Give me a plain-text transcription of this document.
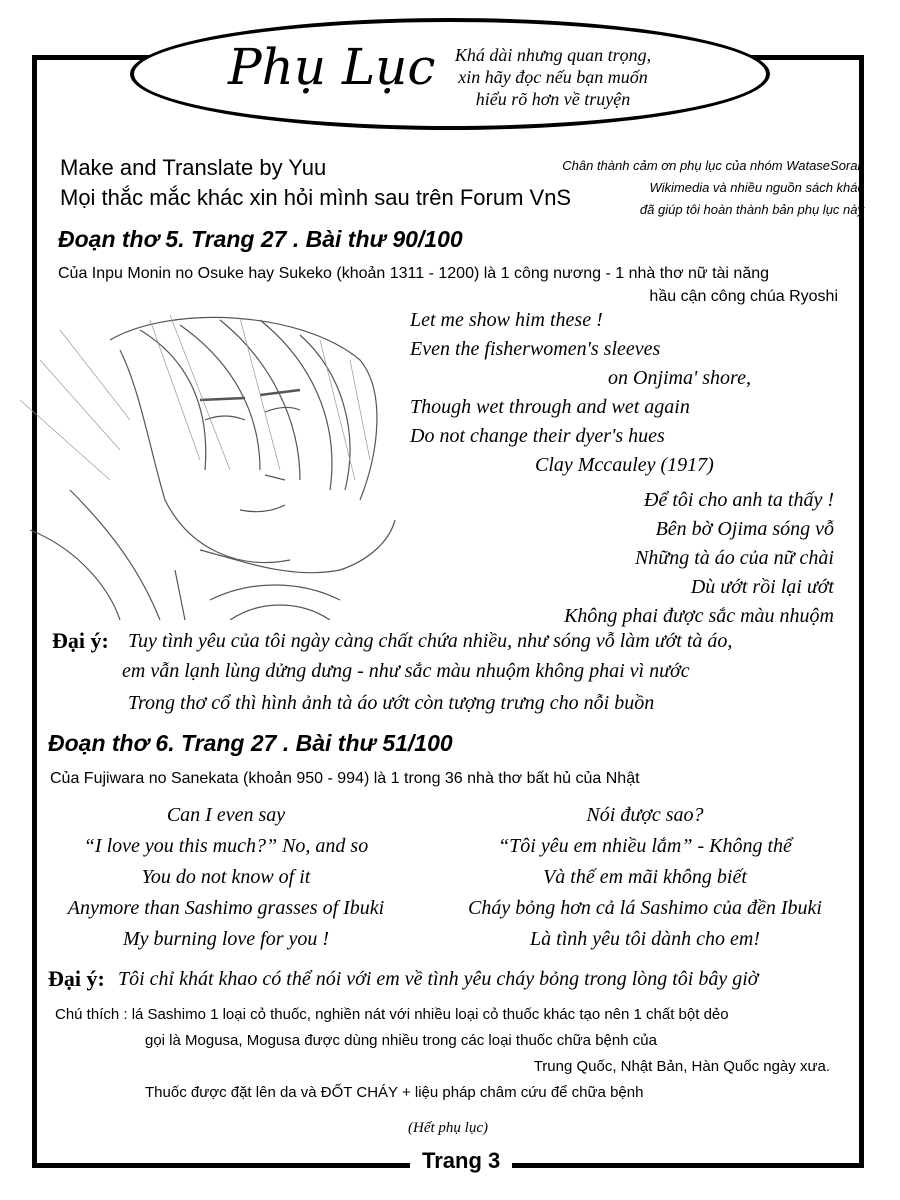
Phụ Lục	Khá dài nhưng quan trọng,
xin hãy đọc nếu bạn muốn
hiểu rõ hơn về truyện
Make and Translate by Yuu
Mọi thắc mắc khác xin hỏi mình sau trên Forum VnS
Chân thành cảm ơn phụ lục của nhóm WataseSorai,
Wikimedia và nhiều nguồn sách khác
đã giúp tôi hoàn thành bản phụ lục này
Đoạn thơ 5. Trang 27 . Bài thư 90/100
Của Inpu Monin no Osuke hay Sukeko (khoản 1311 - 1200) là 1 công nương - 1 nhà thơ nữ tài năng
hầu cận công chúa Ryoshi
Let me show him these !
Even the fisherwomen's sleeves
on Onjima' shore,
Though wet through and wet again
Do not change their dyer's hues
Clay Mccauley (1917)
Để tôi cho anh ta thấy !
Bên bờ Ojima sóng vỗ
Những tà áo của nữ chài
Dù ướt rồi lại ướt
Không phai được sắc màu nhuộm
Đại ý: Tuy tình yêu của tôi ngày càng chất chứa nhiều, như sóng vỗ làm ướt tà áo,
em vẫn lạnh lùng dửng dưng - như sắc màu nhuộm không phai vì nước
Trong thơ cổ thì hình ảnh tà áo ướt còn tượng trưng cho nỗi buồn
Đoạn thơ 6. Trang 27 . Bài thư 51/100
Của Fujiwara no Sanekata (khoản 950 - 994) là 1 trong 36 nhà thơ bất hủ của Nhật
Can I even say
“I love you this much?” No, and so
You do not know of it
Anymore than Sashimo grasses of Ibuki
My burning love for you !
Nói được sao?
“Tôi yêu em nhiều lắm” - Không thể
Và thế em mãi không biết
Cháy bỏng hơn cả lá Sashimo của đền Ibuki
Là tình yêu tôi dành cho em!
Đại ý: Tôi chỉ khát khao có thể nói với em về tình yêu cháy bỏng trong lòng tôi bây giờ
Chú thích : lá Sashimo 1 loại cỏ thuốc, nghiền nát với nhiều loại cỏ thuốc khác tạo nên 1 chất bột dẻo
gọi là Mogusa, Mogusa được dùng nhiều trong các loại thuốc chữa bệnh của
Trung Quốc, Nhật Bản, Hàn Quốc ngày xưa.
Thuốc được đặt lên da và ĐỐT CHÁY + liệu pháp châm cứu để chữa bệnh
(Hết phụ lục)
Trang 3
